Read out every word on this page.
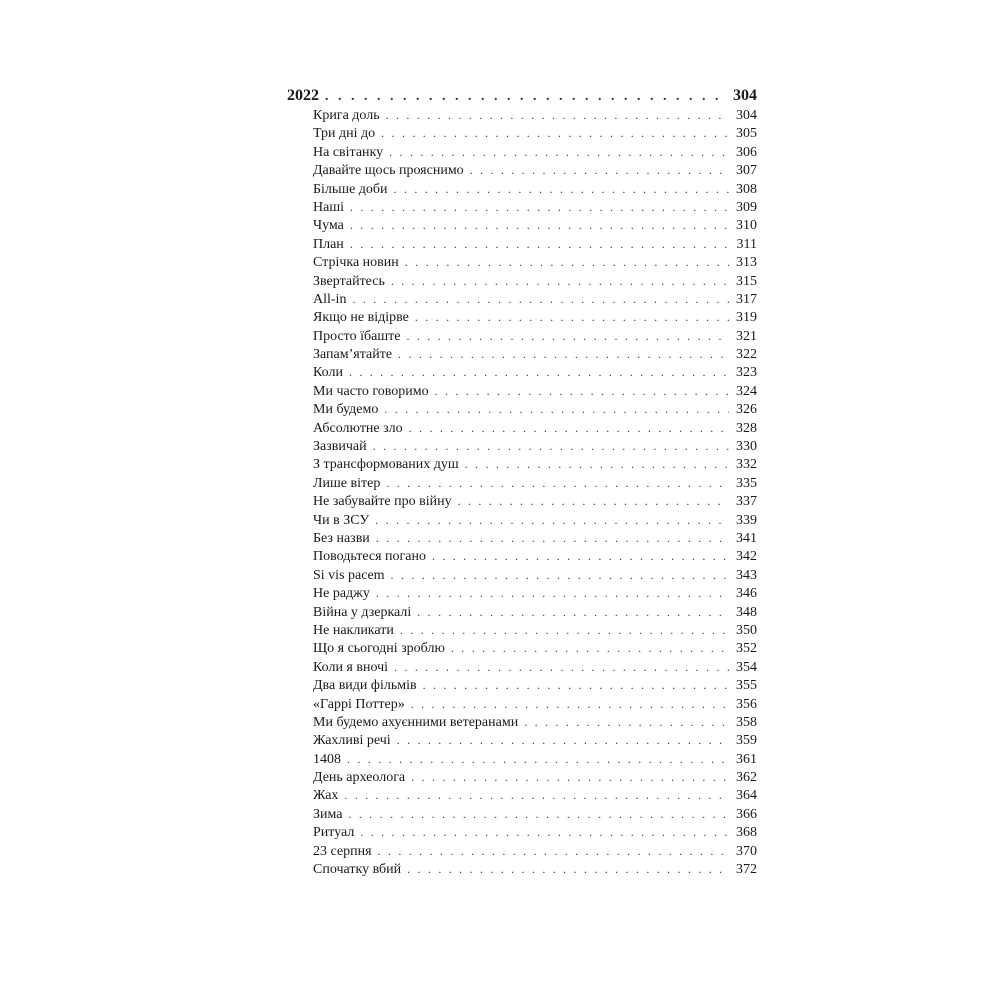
2022 . . .	304
Крига доль . . .	304
Три дні до . . .	305
На світанку . . .	306
Давайте щось прояснимо . . .	307
Більше доби . . .	308
Наші . . .	309
Чума . . .	310
План . . .	311
Стрічка новин . . .	313
Звертайтесь . . .	315
All-in . . .	317
Якщо не відірве . . .	319
Просто їбаште . . .	321
Запам’ятайте . . .	322
Коли . . .	323
Ми часто говоримо . . .	324
Ми будемо . . .	326
Абсолютне зло . . .	328
Зазвичай . . .	330
З трансформованих душ . . .	332
Лише вітер . . .	335
Не забувайте про війну . . .	337
Чи в ЗСУ . . .	339
Без назви . . .	341
Поводьтеся погано . . .	342
Si vis pacem . . .	343
Не раджу . . .	346
Війна у дзеркалі . . .	348
Не накликати . . .	350
Що я сьогодні зроблю . . .	352
Коли я вночі . . .	354
Два види фільмів . . .	355
«Гаррі Поттер» . . .	356
Ми будемо ахуєнними ветеранами . . .	358
Жахливі речі . . .	359
1408 . . .	361
День археолога . . .	362
Жах . . .	364
Зима . . .	366
Ритуал . . .	368
23 серпня . . .	370
Спочатку вбий . . .	372
